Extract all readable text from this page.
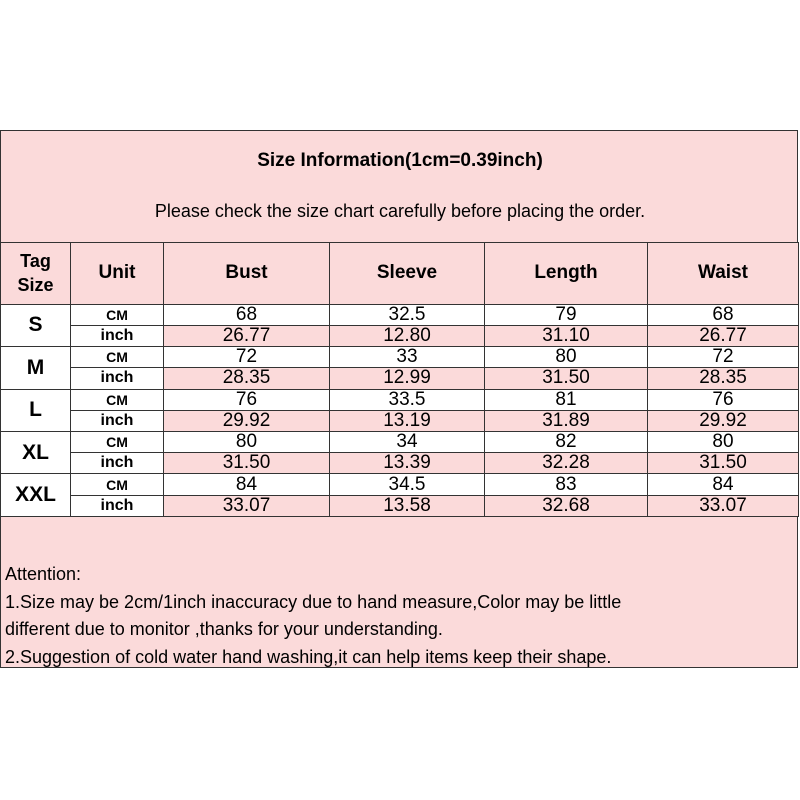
Size Information(1cm=0.39inch)
Please check the size chart carefully before placing the order.
Tag
Size	Unit	Bust	Sleeve	Length	Waist
S	CM	68	32.5	79	68
	inch	26.77	12.80	31.10	26.77
M	CM	72	33	80	72
	inch	28.35	12.99	31.50	28.35
L	CM	76	33.5	81	76
	inch	29.92	13.19	31.89	29.92
XL	CM	80	34	82	80
	inch	31.50	13.39	32.28	31.50
XXL	CM	84	34.5	83	84
	inch	33.07	13.58	32.68	33.07
Attention:
1.Size may be 2cm/1inch inaccuracy due to hand measure,Color may be little
different due to monitor ,thanks for your understanding.
2.Suggestion of cold water hand washing,it can help items keep their shape.
